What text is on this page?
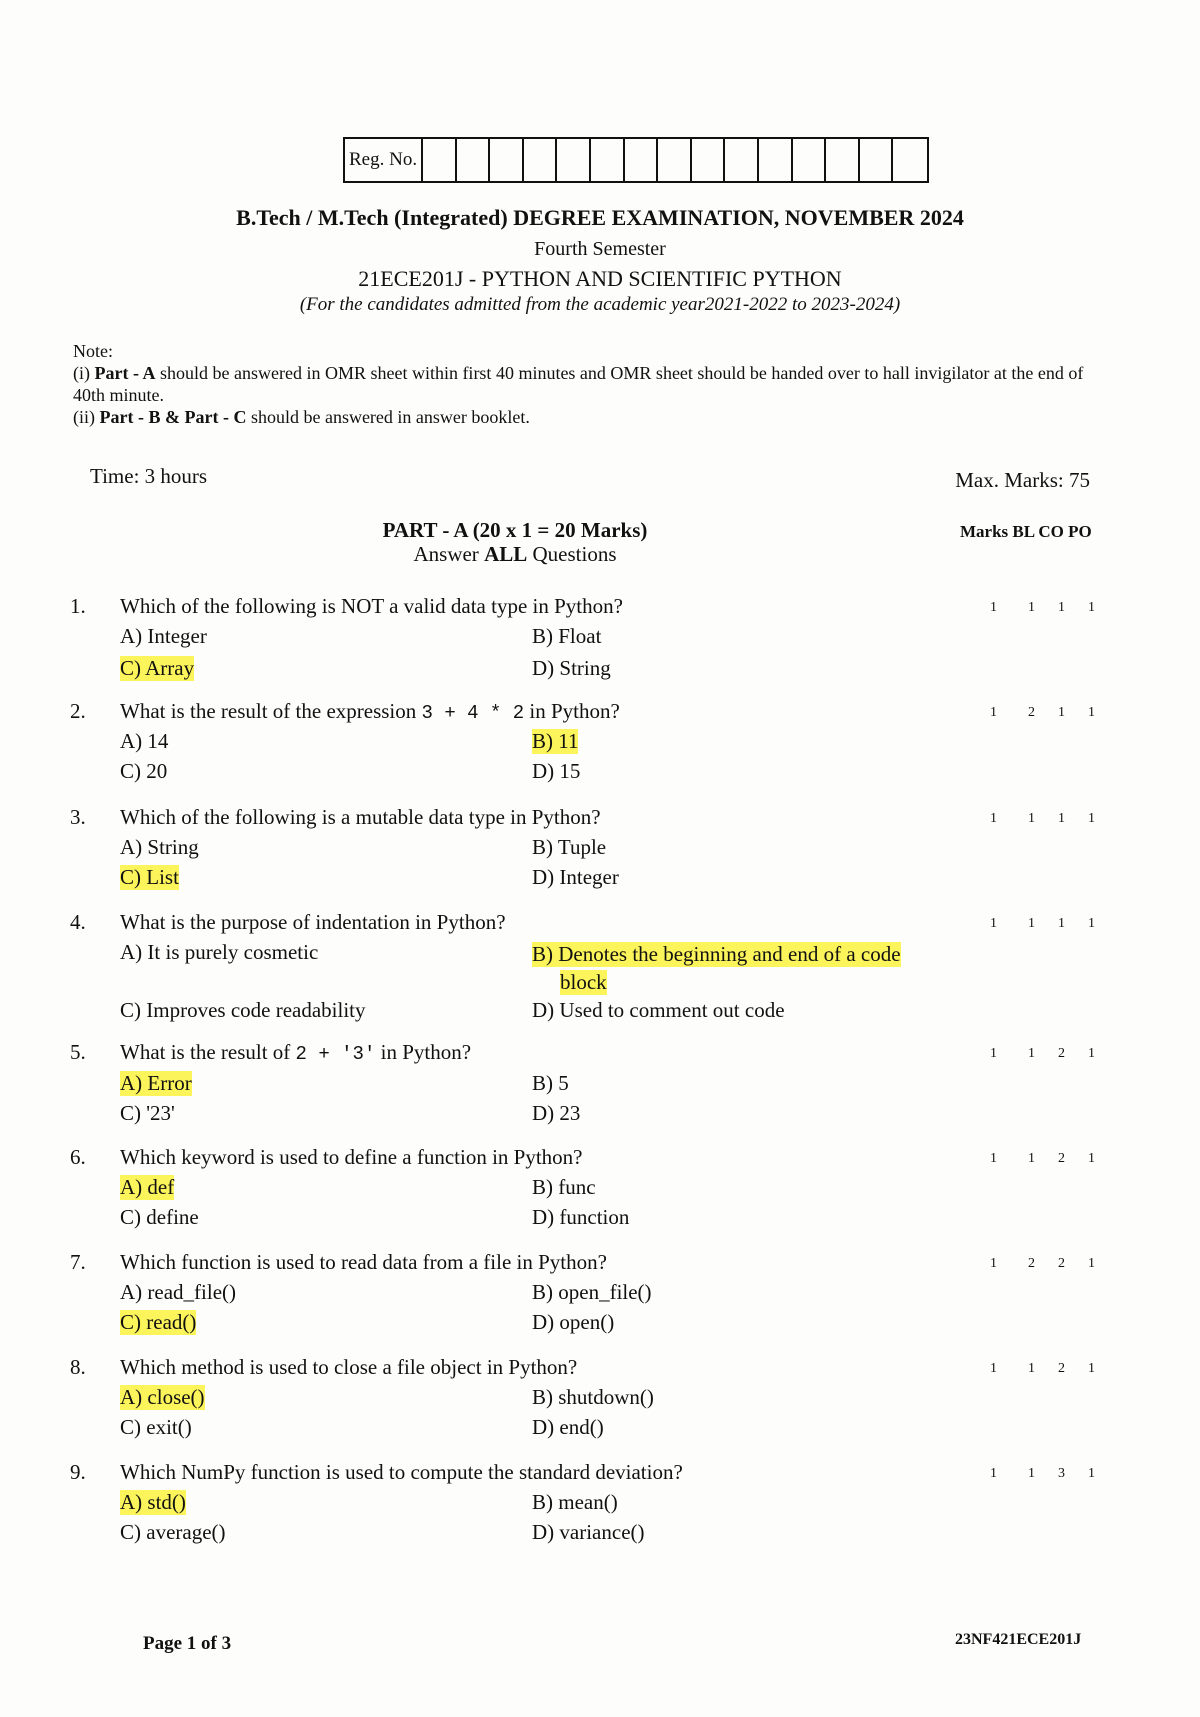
Reg. No.
B.Tech / M.Tech (Integrated) DEGREE EXAMINATION, NOVEMBER 2024
Fourth Semester
21ECE201J - PYTHON AND SCIENTIFIC PYTHON
(For the candidates admitted from the academic year2021-2022 to 2023-2024)

Note:

(i) Part - A should be answered in OMR sheet within first 40 minutes and OMR sheet should be handed over to hall invigilator at the end of 40th minute.

(ii) Part - B & Part - C should be answered in answer booklet.

Time: 3 hours	Max. Marks: 75
PART - A (20 x 1 = 20 Marks)
Answer ALL Questions
Marks BL CO PO
1. Which of the following is NOT a valid data type in Python?
A) Integer	B) Float
C) Array	D) String
1 1 1 1
2. What is the result of the expression 3 + 4 * 2 in Python?
A) 14	B) 11
C) 20	D) 15
1 2 1 1
3. Which of the following is a mutable data type in Python?
A) String	B) Tuple
C) List	D) Integer
1 1 1 1
4. What is the purpose of indentation in Python?
A) It is purely cosmetic	B) Denotes the beginning and end of a code
block
C) Improves code readability	D) Used to comment out code
1 1 1 1
5. What is the result of 2 + '3' in Python?
A) Error	B) 5
C) '23'	D) 23
1 1 2 1
6. Which keyword is used to define a function in Python?
A) def	B) func
C) define	D) function
1 1 2 1
7. Which function is used to read data from a file in Python?
A) read_file()	B) open_file()
C) read()	D) open()
1 2 2 1
8. Which method is used to close a file object in Python?
A) close()	B) shutdown()
C) exit()	D) end()
1 1 2 1
9. Which NumPy function is used to compute the standard deviation?
A) std()	B) mean()
C) average()	D) variance()
1 1 3 1
Page 1 of 3	23NF421ECE201J
